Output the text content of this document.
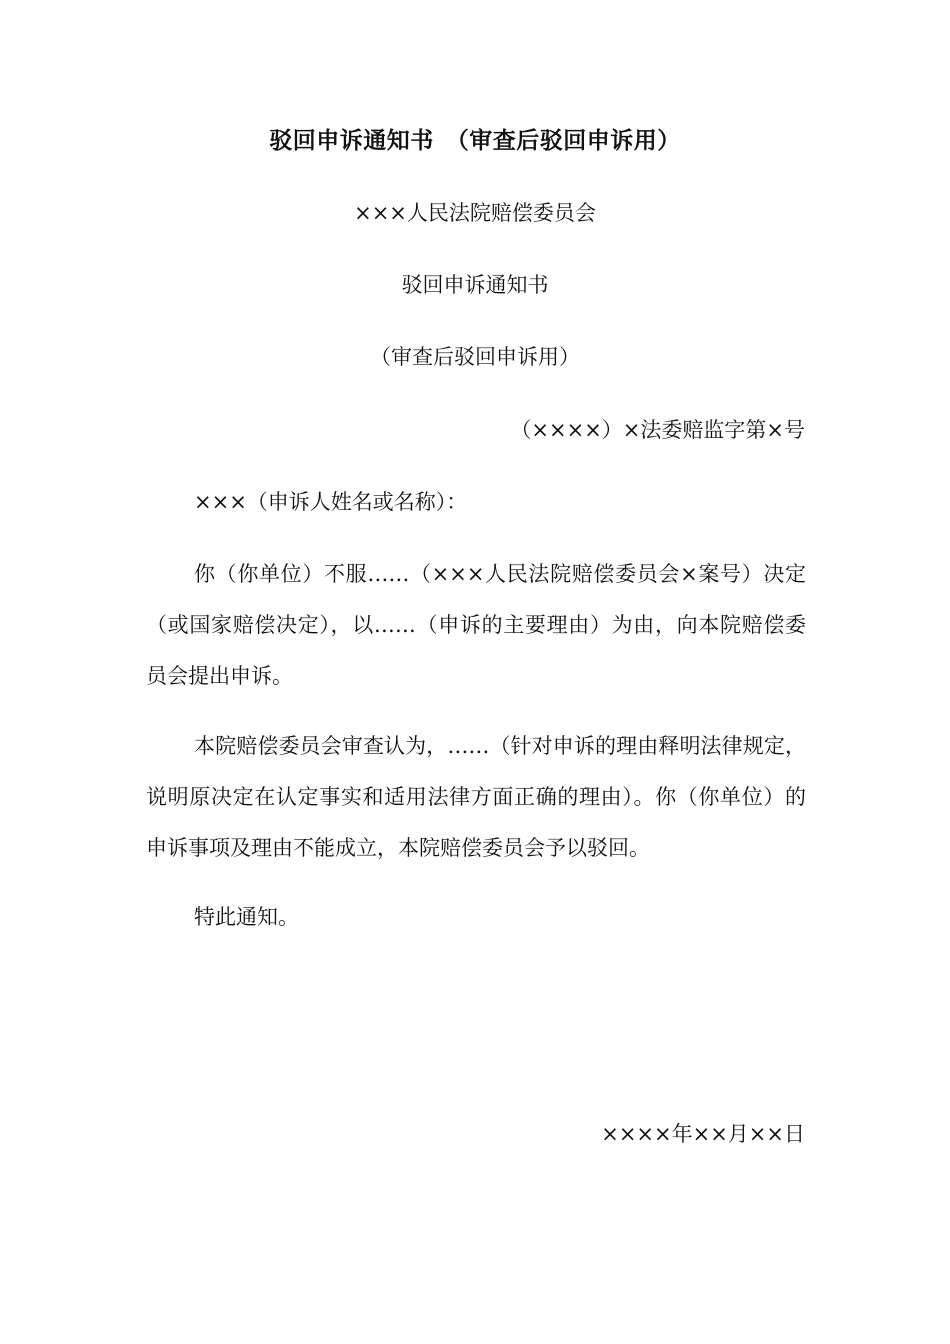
驳回申诉通知书　（审查后驳回申诉用）
×××人民法院赔偿委员会
驳回申诉通知书
（审查后驳回申诉用）
（××××）×法委赔监字第×号
×××（申诉人姓名或名称）：
你（你单位）不服……（×××人民法院赔偿委员会×案号）决定（或国家赔偿决定），以……（申诉的主要理由）为由，向本院赔偿委员会提出申诉。
本院赔偿委员会审查认为，……（针对申诉的理由释明法律规定，说明原决定在认定事实和适用法律方面正确的理由）。你（你单位）的申诉事项及理由不能成立，本院赔偿委员会予以驳回。
特此通知。
××××年××月××日
